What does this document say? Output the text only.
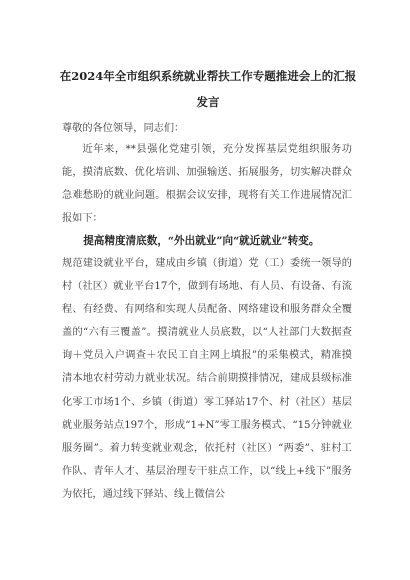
在2024年全市组织系统就业帮扶工作专题推进会上的汇报
发言
尊敬的各位领导，同志们：
近年来，**县强化党建引领，充分发挥基层党组织服务功能，摸清底数、优化培训、加强输送、拓展服务，切实解决群众急难愁盼的就业问题。根据会议安排，现将有关工作进展情况汇报如下：
提高精度清底数，“外出就业”向“就近就业”转变。
规范建设就业平台，建成由乡镇（街道）党（工）委统一领导的村（社区）就业平台17个，做到有场地、有人员、有设备、有流程、有经费、有网络和实现人员配备、网络建设和服务群众全覆盖的“六有三覆盖”。摸清就业人员底数，以“人社部门大数据查询＋党员入户调查＋农民工自主网上填报”的采集模式，精准摸清本地农村劳动力就业状况。结合前期摸排情况，建成县级标准化零工市场1个、乡镇（街道）零工驿站17个、村（社区）基层就业服务站点197个，形成“1+N”零工服务模式、“15分钟就业服务圈”。着力转变就业观念，依托村（社区）“两委”、驻村工作队、青年人才、基层治理专干驻点工作，以“线上+线下”服务为依托，通过线下驿站、线上微信公
